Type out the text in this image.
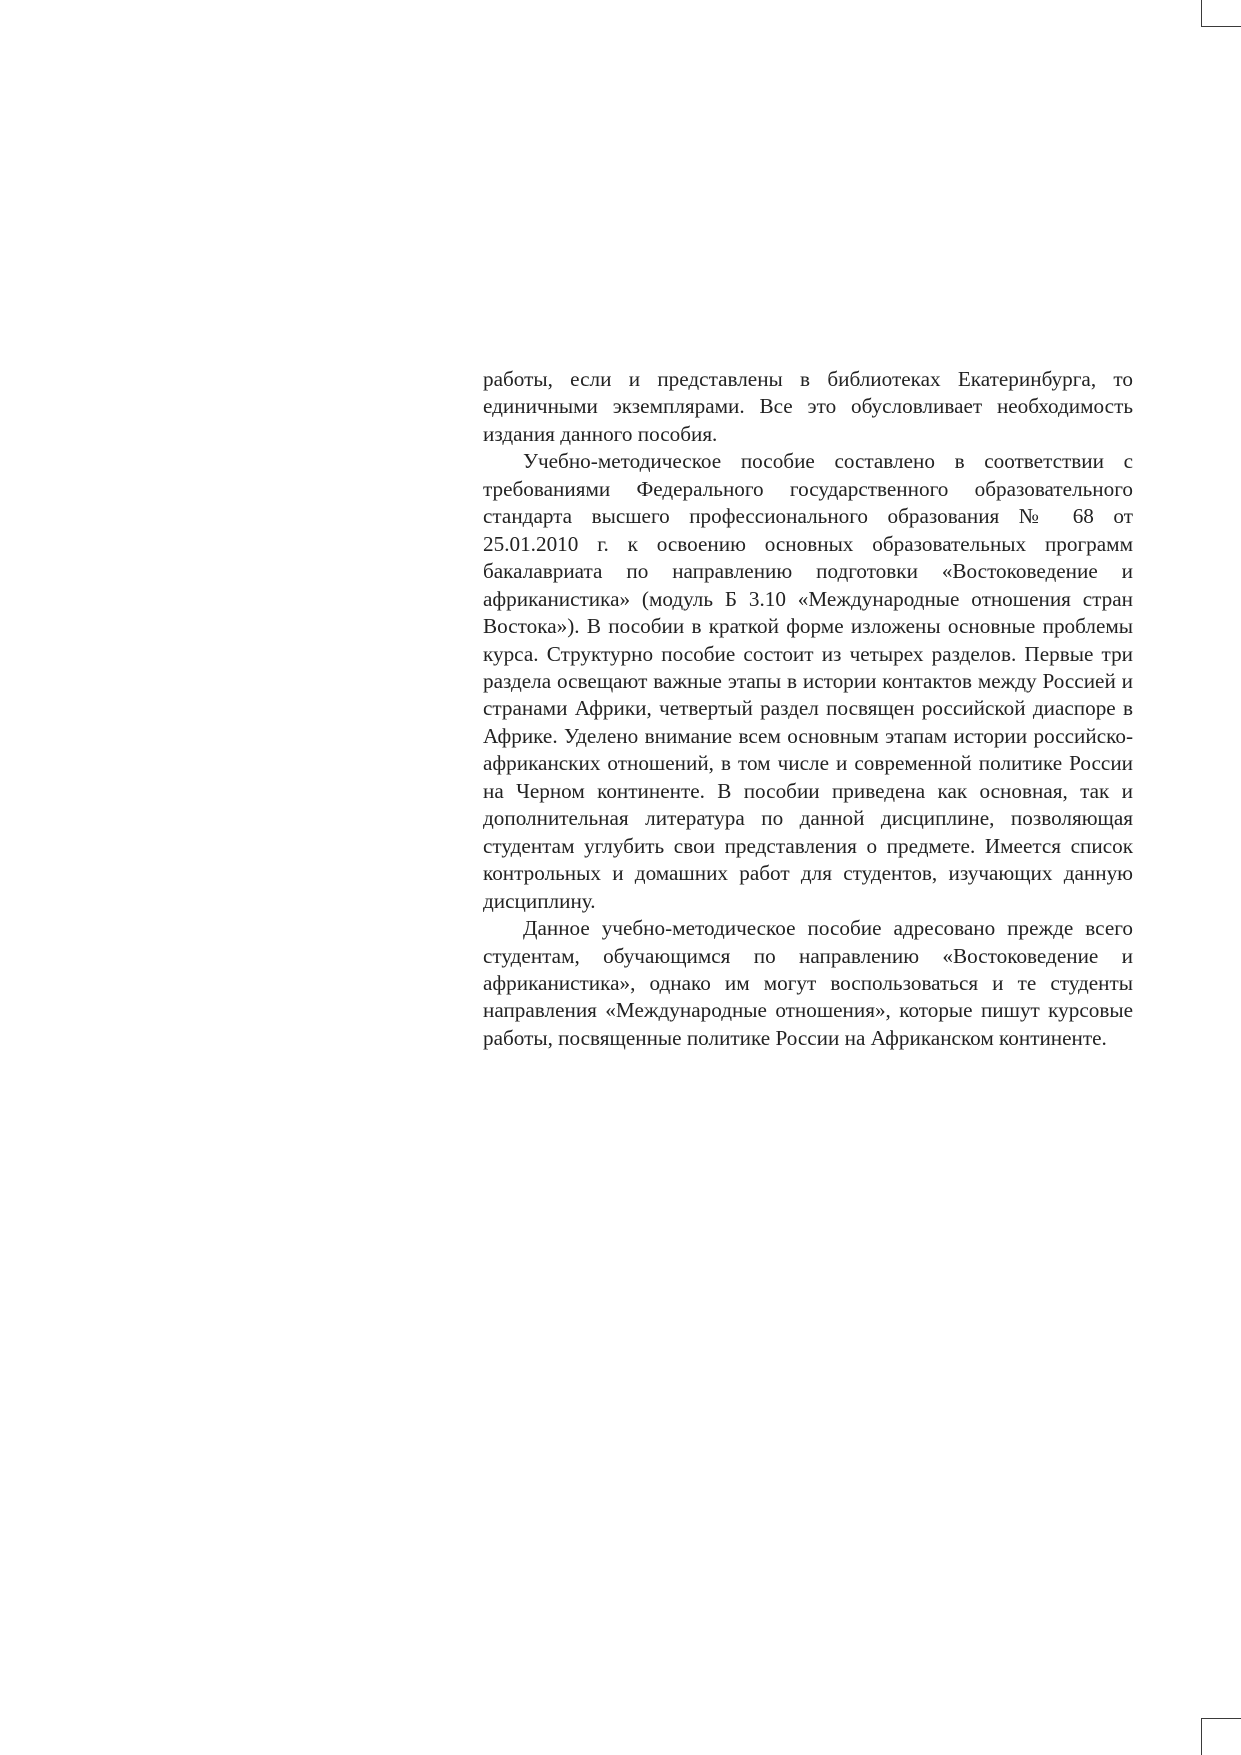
работы, если и представлены в библиотеках Екатеринбурга, то единичными экземплярами. Все это обусловливает необходимость издания данного пособия.

Учебно-методическое пособие составлено в соответствии с требованиями Федерального государственного образовательного стандарта высшего профессионального образования № 68 от 25.01.2010 г. к освоению основных образовательных программ бакалавриата по направлению подготовки «Востоковедение и африканистика» (модуль Б 3.10 «Международные отношения стран Востока»). В пособии в краткой форме изложены основные проблемы курса. Структурно пособие состоит из четырех разделов. Первые три раздела освещают важные этапы в истории контактов между Россией и странами Африки, четвертый раздел посвящен российской диаспоре в Африке. Уделено внимание всем основным этапам истории российско-африканских отношений, в том числе и современной политике России на Черном континенте. В пособии приведена как основная, так и дополнительная литература по данной дисциплине, позволяющая студентам углубить свои представления о предмете. Имеется список контрольных и домашних работ для студентов, изучающих данную дисциплину.

Данное учебно-методическое пособие адресовано прежде всего студентам, обучающимся по направлению «Востоковедение и африканистика», однако им могут воспользоваться и те студенты направления «Международные отношения», которые пишут курсовые работы, посвященные политике России на Африканском континенте.
